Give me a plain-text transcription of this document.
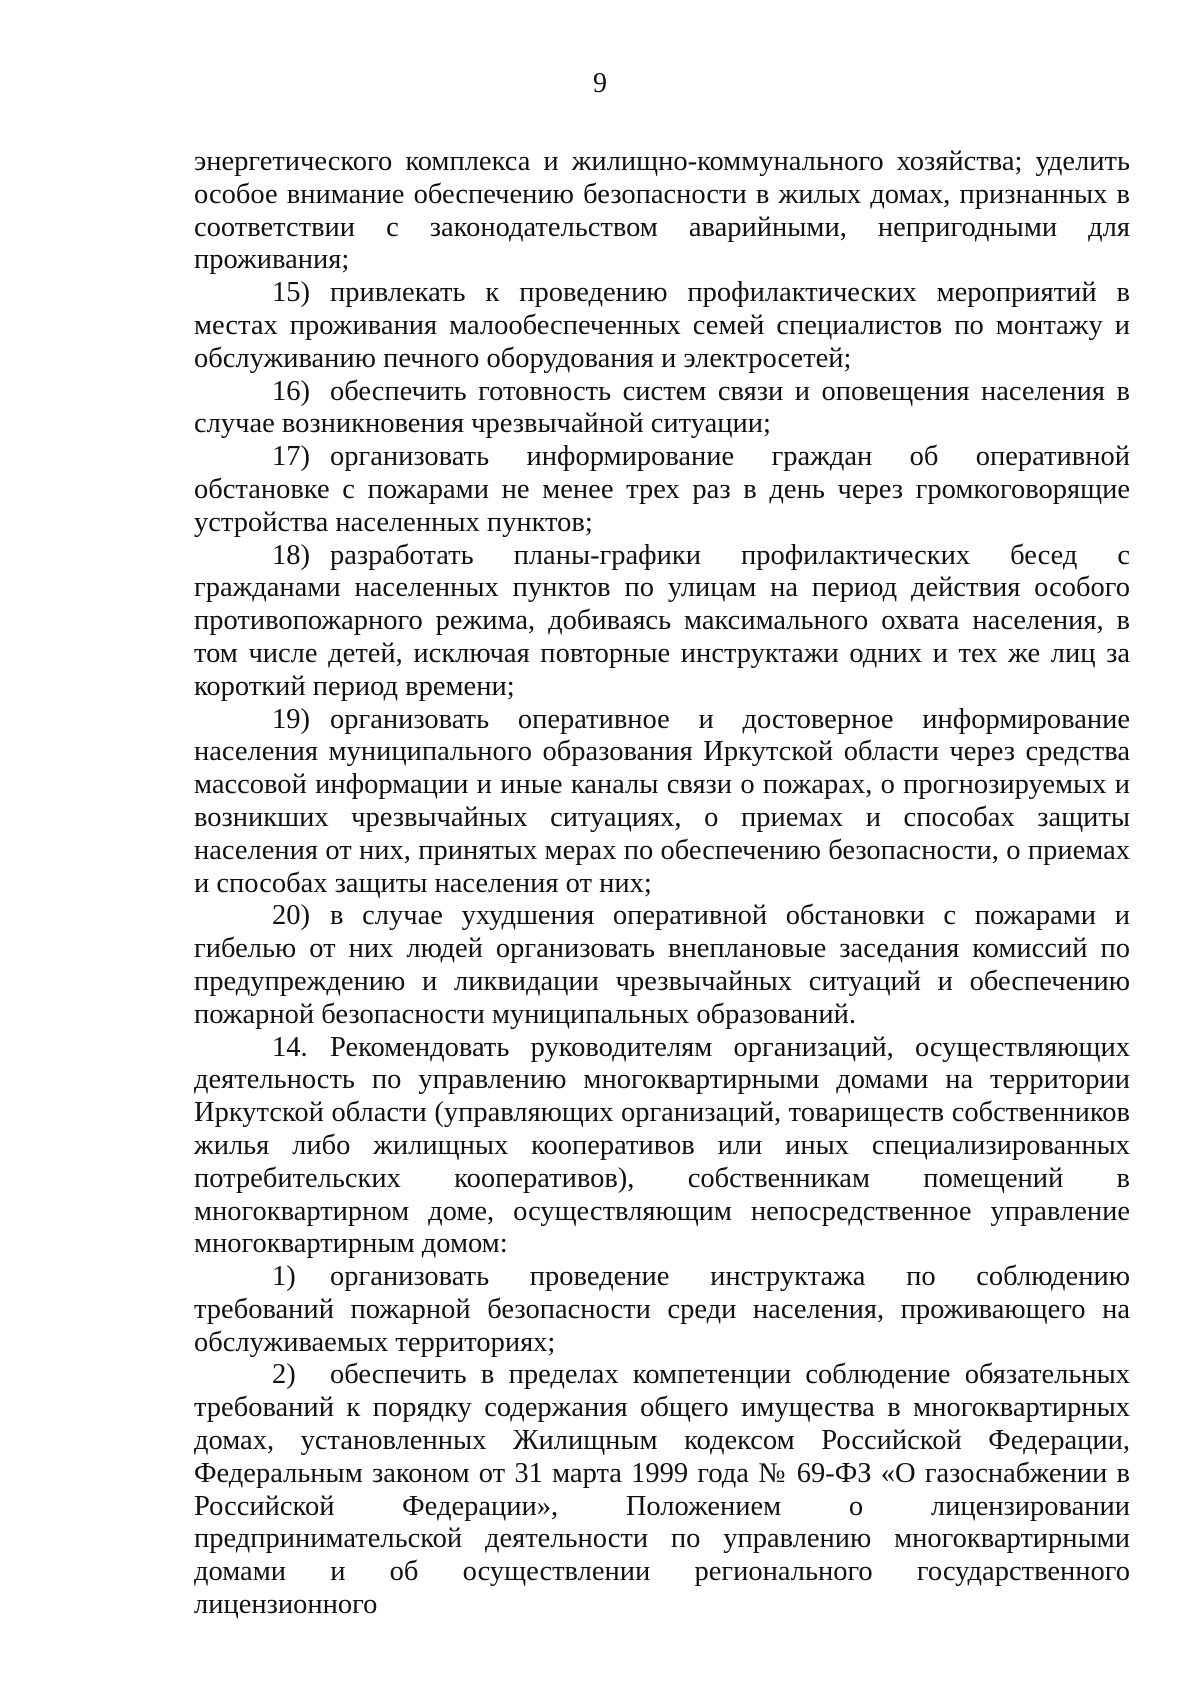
9

энергетического комплекса и жилищно-коммунального хозяйства; уделить особое внимание обеспечению безопасности в жилых домах, признанных в соответствии с законодательством аварийными, непригодными для проживания;

15) привлекать к проведению профилактических мероприятий в местах проживания малообеспеченных семей специалистов по монтажу и обслуживанию печного оборудования и электросетей;

16) обеспечить готовность систем связи и оповещения населения в случае возникновения чрезвычайной ситуации;

17) организовать информирование граждан об оперативной обстановке с пожарами не менее трех раз в день через громкоговорящие устройства населенных пунктов;

18) разработать планы-графики профилактических бесед с гражданами населенных пунктов по улицам на период действия особого противопожарного режима, добиваясь максимального охвата населения, в том числе детей, исключая повторные инструктажи одних и тех же лиц за короткий период времени;

19) организовать оперативное и достоверное информирование населения муниципального образования Иркутской области через средства массовой информации и иные каналы связи о пожарах, о прогнозируемых и возникших чрезвычайных ситуациях, о приемах и способах защиты населения от них, принятых мерах по обеспечению безопасности, о приемах и способах защиты населения от них;

20) в случае ухудшения оперативной обстановки с пожарами и гибелью от них людей организовать внеплановые заседания комиссий по предупреждению и ликвидации чрезвычайных ситуаций и обеспечению пожарной безопасности муниципальных образований.

14. Рекомендовать руководителям организаций, осуществляющих деятельность по управлению многоквартирными домами на территории Иркутской области (управляющих организаций, товариществ собственников жилья либо жилищных кооперативов или иных специализированных потребительских кооперативов), собственникам помещений в многоквартирном доме, осуществляющим непосредственное управление многоквартирным домом:

1) организовать проведение инструктажа по соблюдению требований пожарной безопасности среди населения, проживающего на обслуживаемых территориях;

2) обеспечить в пределах компетенции соблюдение обязательных требований к порядку содержания общего имущества в многоквартирных домах, установленных Жилищным кодексом Российской Федерации, Федеральным законом от 31 марта 1999 года № 69-ФЗ «О газоснабжении в Российской Федерации», Положением о лицензировании предпринимательской деятельности по управлению многоквартирными домами и об осуществлении регионального государственного лицензионного
